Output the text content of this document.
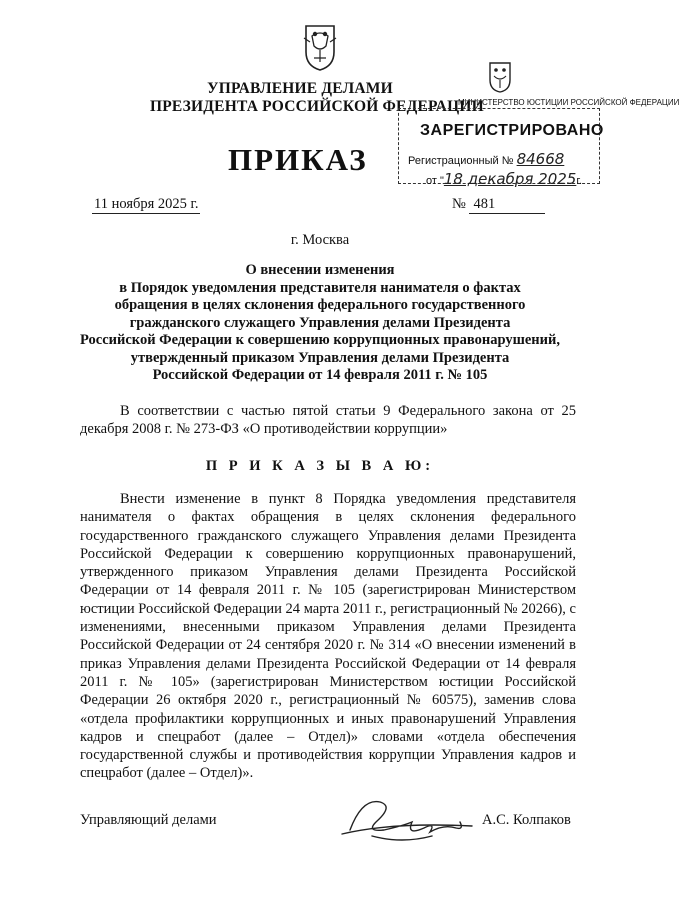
УПРАВЛЕНИЕ ДЕЛАМИ
ПРЕЗИДЕНТА РОССИЙСКОЙ ФЕДЕРАЦИИ
ПРИКАЗ
МИНИСТЕРСТВО ЮСТИЦИИ РОССИЙСКОЙ ФЕДЕРАЦИИ
ЗАРЕГИСТРИРОВАНО
Регистрационный № 84668
от "18 декабря 2025г.
11 ноября 2025 г.	№ 481
г. Москва
О внесении изменения
в Порядок уведомления представителя нанимателя о фактах
обращения в целях склонения федерального государственного
гражданского служащего Управления делами Президента
Российской Федерации к совершению коррупционных правонарушений,
утвержденный приказом Управления делами Президента
Российской Федерации от 14 февраля 2011 г. № 105
В соответствии с частью пятой статьи 9 Федерального закона от 25 декабря 2008 г. № 273-ФЗ «О противодействии коррупции»
П Р И К А З Ы В А Ю:
Внести изменение в пункт 8 Порядка уведомления представителя нанимателя о фактах обращения в целях склонения федерального государственного гражданского служащего Управления делами Президента Российской Федерации к совершению коррупционных правонарушений, утвержденного приказом Управления делами Президента Российской Федерации от 14 февраля 2011 г. № 105 (зарегистрирован Министерством юстиции Российской Федерации 24 марта 2011 г., регистрационный № 20266), с изменениями, внесенными приказом Управления делами Президента Российской Федерации от 24 сентября 2020 г. № 314 «О внесении изменений в приказ Управления делами Президента Российской Федерации от 14 февраля 2011 г. № 105» (зарегистрирован Министерством юстиции Российской Федерации 26 октября 2020 г., регистрационный № 60575), заменив слова «отдела профилактики коррупционных и иных правонарушений Управления кадров и спецработ (далее – Отдел)» словами «отдела обеспечения государственной службы и противодействия коррупции Управления кадров и спецработ (далее – Отдел)».
Управляющий делами	А.С. Колпаков
